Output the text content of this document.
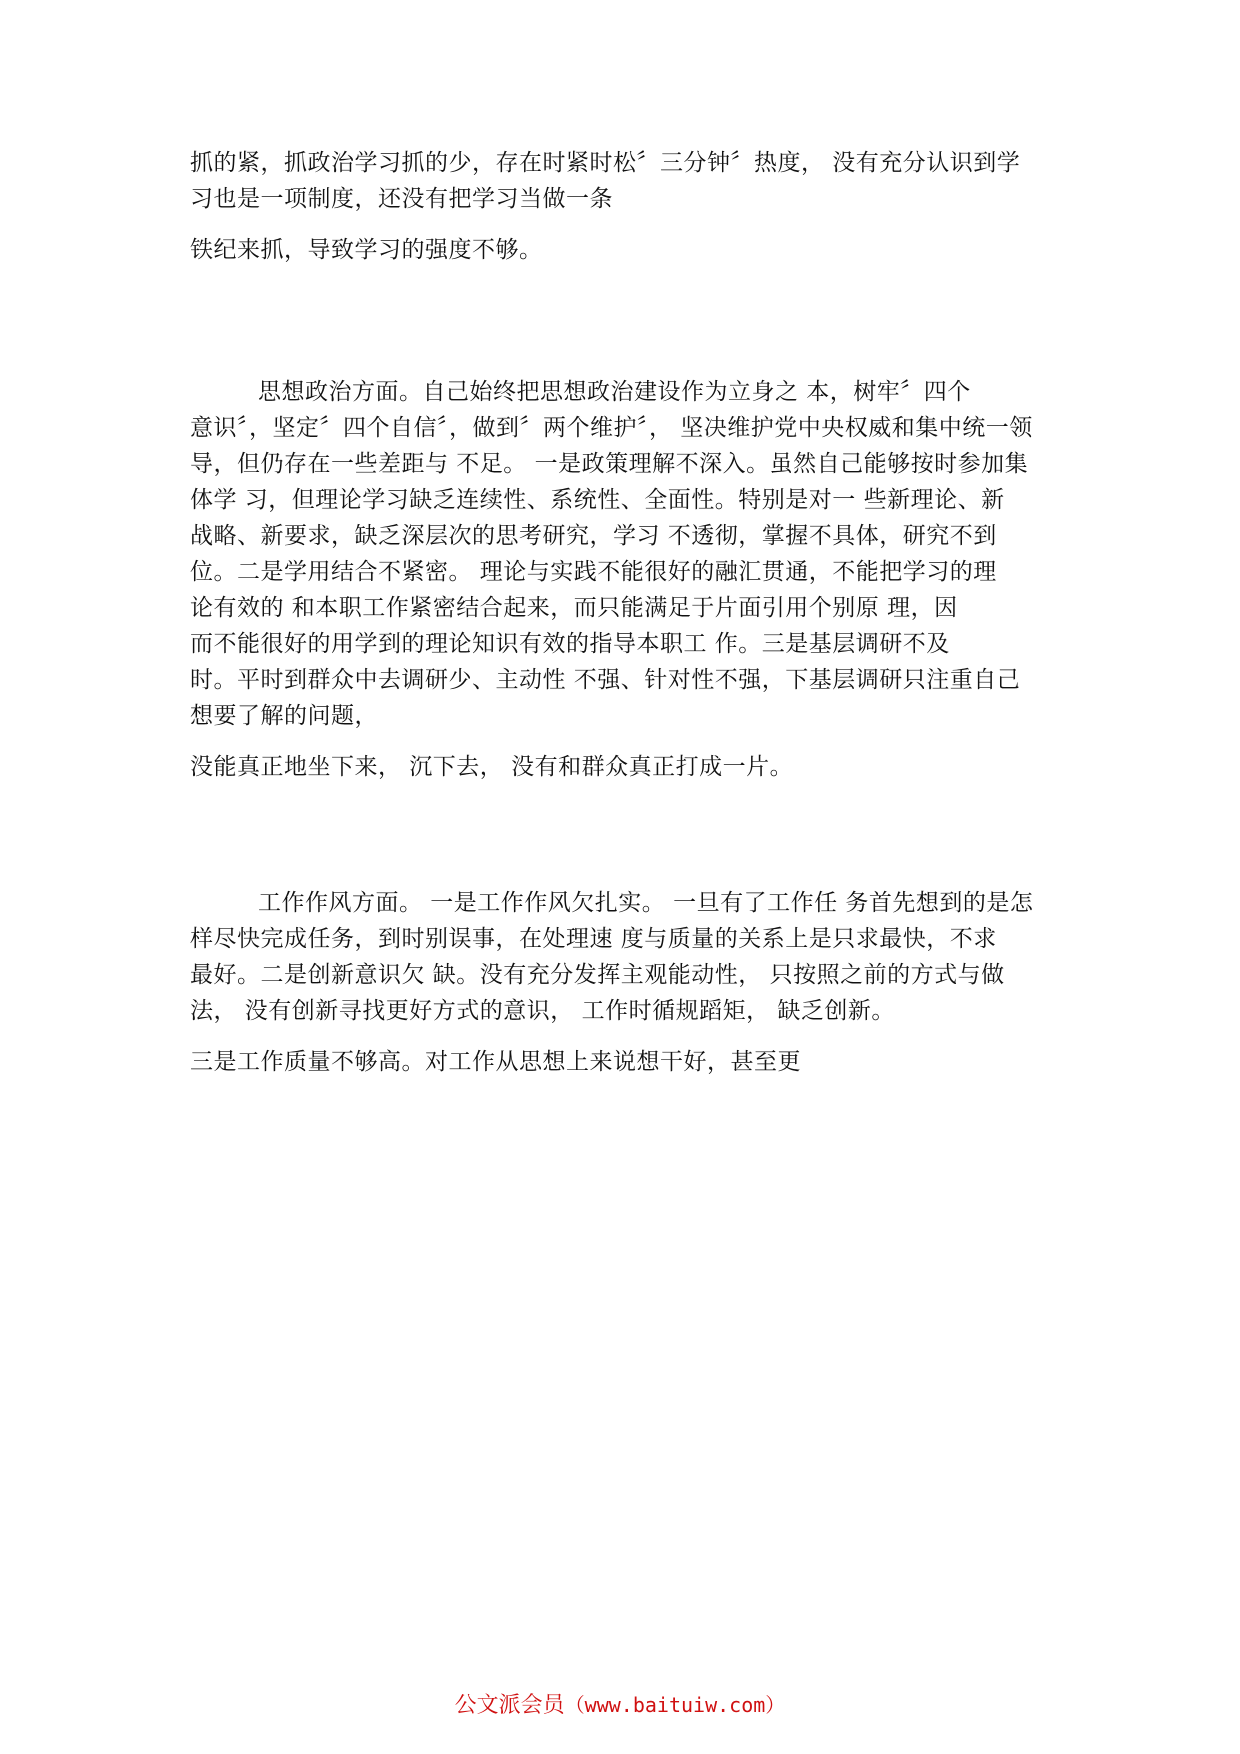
抓的紧，抓政治学习抓的少，存在时紧时松〞三分钟〞热度， 没有充分认识到学
习也是一项制度，还没有把学习当做一条
铁纪来抓，导致学习的强度不够。
思想政治方面。自己始终把思想政治建设作为立身之 本，树牢〞四个
意识〞，坚定〞四个自信〞，做到〞两个维护〞， 坚决维护党中央权威和集中统一领
导，但仍存在一些差距与 不足。 一是政策理解不深入。虽然自己能够按时参加集
体学 习，但理论学习缺乏连续性、系统性、全面性。特别是对一 些新理论、新
战略、新要求，缺乏深层次的思考研究，学习 不透彻，掌握不具体，研究不到
位。二是学用结合不紧密。 理论与实践不能很好的融汇贯通，不能把学习的理
论有效的 和本职工作紧密结合起来，而只能满足于片面引用个别原 理，因
而不能很好的用学到的理论知识有效的指导本职工 作。三是基层调研不及
时。平时到群众中去调研少、主动性 不强、针对性不强，下基层调研只注重自己
想要了解的问题，
没能真正地坐下来， 沉下去， 没有和群众真正打成一片。
工作作风方面。 一是工作作风欠扎实。 一旦有了工作任 务首先想到的是怎
样尽快完成任务，到时别误事，在处理速 度与质量的关系上是只求最快，不求
最好。二是创新意识欠 缺。没有充分发挥主观能动性， 只按照之前的方式与做
法， 没有创新寻找更好方式的意识， 工作时循规蹈矩， 缺乏创新。
三是工作质量不够高。对工作从思想上来说想干好，甚至更
公文派会员（www.baituiw.com）
